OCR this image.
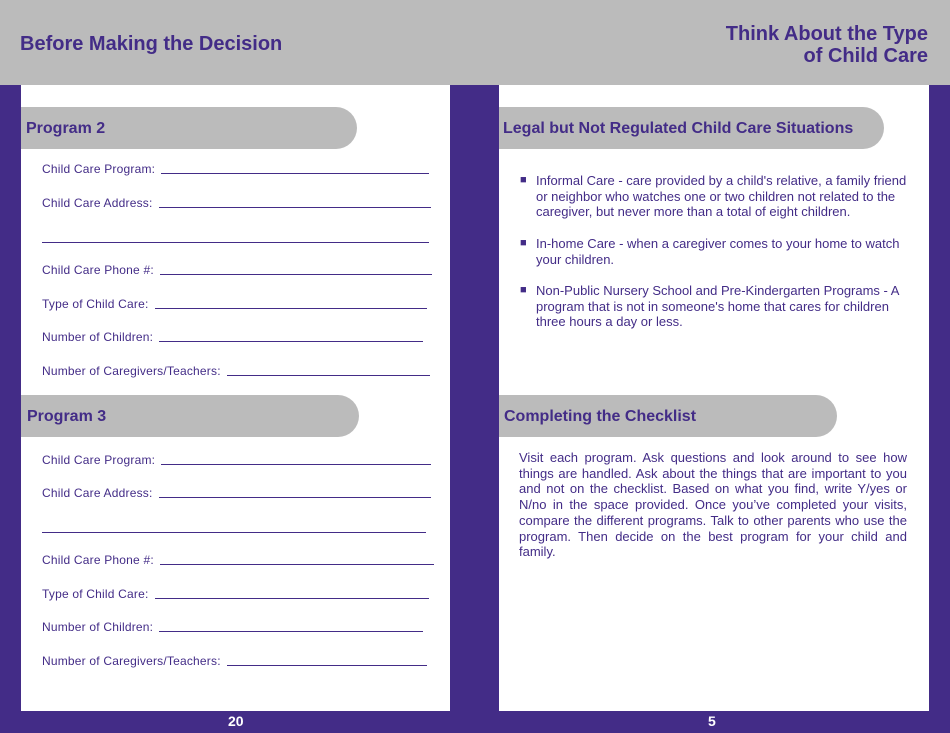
Before Making the Decision	Think About the Type
of Child Care
Program 2
Child Care Program:
Child Care Address:
Child Care Phone #:
Type of Child Care:
Number of Children:
Number of Caregivers/Teachers:
Program 3
Child Care Program:
Child Care Address:
Child Care Phone #:
Type of Child Care:
Number of Children:
Number of Caregivers/Teachers:
Legal but Not Regulated Child Care Situations
■ Informal Care - care provided by a child's relative, a family friend or neighbor who watches one or two children not related to the caregiver, but never more than a total of eight children.
■ In-home Care - when a caregiver comes to your home to watch your children.
■ Non-Public Nursery School and Pre-Kindergarten Programs - A program that is not in someone's home that cares for children three hours a day or less.
Completing the Checklist
Visit each program. Ask questions and look around to see how things are handled. Ask about the things that are important to you and not on the checklist. Based on what you find, write Y/yes or N/no in the space provided. Once you’ve completed your visits, compare the different programs. Talk to other parents who use the program. Then decide on the best program for your child and family.
20	5
